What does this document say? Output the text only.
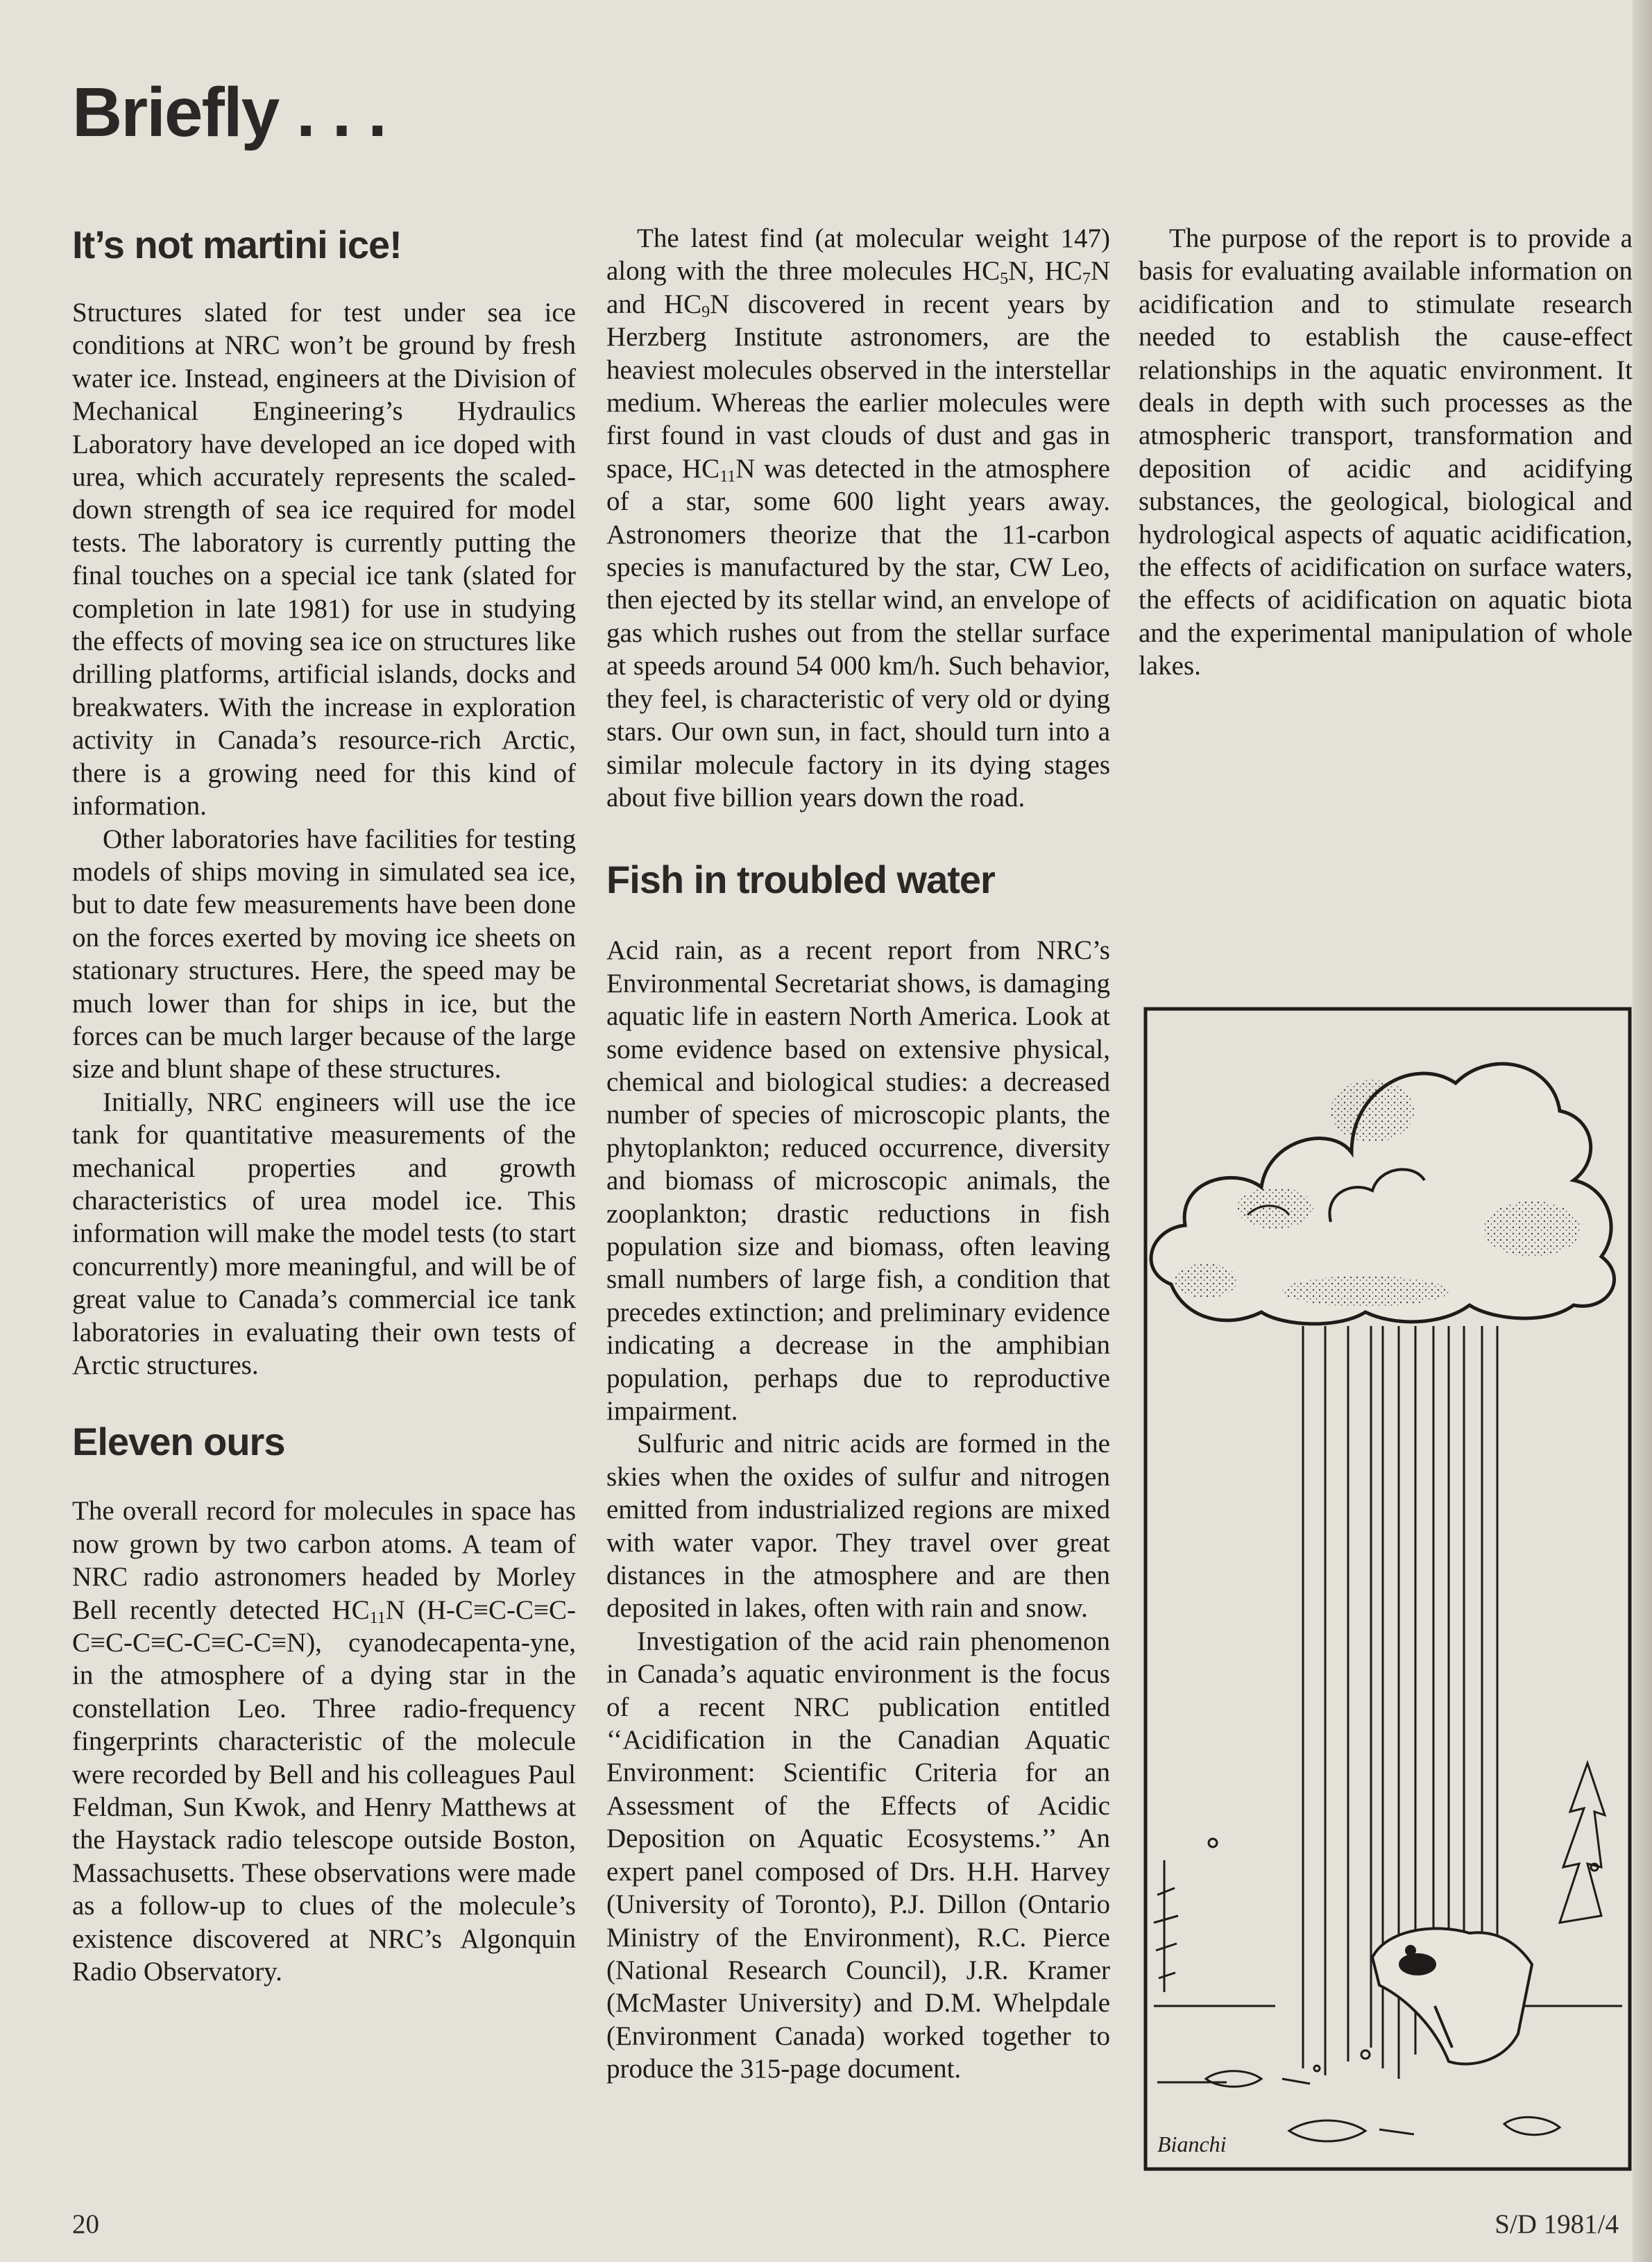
Briefly . . .
It’s not martini ice!

Structures slated for test under sea ice conditions at NRC won’t be ground by fresh water ice. Instead, engineers at the Division of Mechanical Engineering’s Hydraulics Laboratory have developed an ice doped with urea, which accurately represents the scaled-down strength of sea ice required for model tests. The laboratory is currently putting the final touches on a special ice tank (slated for completion in late 1981) for use in studying the effects of moving sea ice on structures like drilling platforms, artificial islands, docks and breakwaters. With the increase in exploration activity in Canada’s resource-rich Arctic, there is a growing need for this kind of information.

Other laboratories have facilities for testing models of ships moving in simulated sea ice, but to date few measurements have been done on the forces exerted by moving ice sheets on stationary structures. Here, the speed may be much lower than for ships in ice, but the forces can be much larger because of the large size and blunt shape of these structures.

Initially, NRC engineers will use the ice tank for quantitative measurements of the mechanical properties and growth characteristics of urea model ice. This information will make the model tests (to start concurrently) more meaningful, and will be of great value to Canada’s commercial ice tank laboratories in evaluating their own tests of Arctic structures.

Eleven ours

The overall record for molecules in space has now grown by two carbon atoms. A team of NRC radio astronomers headed by Morley Bell recently detected $HC_{11}N$ (H-C≡C-C≡C-C≡C-C≡C-C≡C-C≡N), cyanodecapenta-yne, in the atmosphere of a dying star in the constellation Leo. Three radio-frequency fingerprints characteristic of the molecule were recorded by Bell and his colleagues Paul Feldman, Sun Kwok, and Henry Matthews at the Haystack radio telescope outside Boston, Massachusetts. These observations were made as a follow-up to clues of the molecule’s existence discovered at NRC’s Algonquin Radio Observatory.

The latest find (at molecular weight 147) along with the three molecules $HC_5N$, $HC_7N$ and $HC_9N$ discovered in recent years by Herzberg Institute astronomers, are the heaviest molecules observed in the interstellar medium. Whereas the earlier molecules were first found in vast clouds of dust and gas in space, $HC_{11}N$ was detected in the atmosphere of a star, some 600 light years away. Astronomers theorize that the 11-carbon species is manufactured by the star, CW Leo, then ejected by its stellar wind, an envelope of gas which rushes out from the stellar surface at speeds around 54 000 km/h. Such behavior, they feel, is characteristic of very old or dying stars. Our own sun, in fact, should turn into a similar molecule factory in its dying stages about five billion years down the road.

Fish in troubled water

Acid rain, as a recent report from NRC’s Environmental Secretariat shows, is damaging aquatic life in eastern North America. Look at some evidence based on extensive physical, chemical and biological studies: a decreased number of species of microscopic plants, the phytoplankton; reduced occurrence, diversity and biomass of microscopic animals, the zooplankton; drastic reductions in fish population size and biomass, often leaving small numbers of large fish, a condition that precedes extinction; and preliminary evidence indicating a decrease in the amphibian population, perhaps due to reproductive impairment.

Sulfuric and nitric acids are formed in the skies when the oxides of sulfur and nitrogen emitted from industrialized regions are mixed with water vapor. They travel over great distances in the atmosphere and are then deposited in lakes, often with rain and snow.

Investigation of the acid rain phenomenon in Canada’s aquatic environment is the focus of a recent NRC publication entitled ‘‘Acidification in the Canadian Aquatic Environment: Scientific Criteria for an Assessment of the Effects of Acidic Deposition on Aquatic Ecosystems.’’ An expert panel composed of Drs. H.H. Harvey (University of Toronto), P.J. Dillon (Ontario Ministry of the Environment), R.C. Pierce (National Research Council), J.R. Kramer (McMaster University) and D.M. Whelpdale (Environment Canada) worked together to produce the 315-page document.

The purpose of the report is to provide a basis for evaluating available information on acidification and to stimulate research needed to establish the cause-effect relationships in the aquatic environment. It deals in depth with such processes as the atmospheric transport, transformation and deposition of acidic and acidifying substances, the geological, biological and hydrological aspects of aquatic acidification, the effects of acidification on surface waters, the effects of acidification on aquatic biota and the experimental manipulation of whole lakes.

Bianchi
20	S/D 1981/4
